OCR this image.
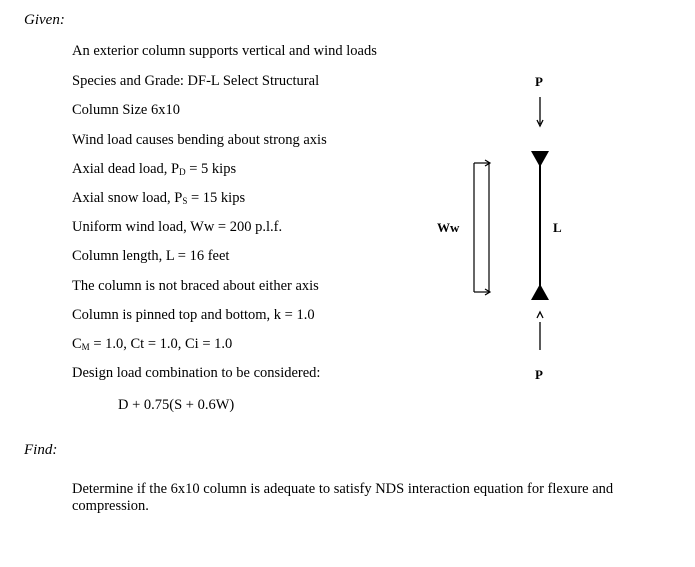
Given:
An exterior column supports vertical and wind loads
Species and Grade: DF-L Select Structural
Column Size 6x10
Wind load causes bending about strong axis
Axial dead load, $P_D = 5$ kips
Axial snow load, $P_S = 15$ kips
Uniform wind load, Ww = 200 p.l.f.
Column length, L = 16 feet
The column is not braced about either axis
Column is pinned top and bottom, k = 1.0
$C_M = 1.0$, Ct = 1.0, Ci = 1.0
Design load combination to be considered:
D + 0.75(S + 0.6W)
Find:
Determine if the 6x10 column is adequate to satisfy NDS interaction equation for flexure and compression.
P
P
Ww	L
